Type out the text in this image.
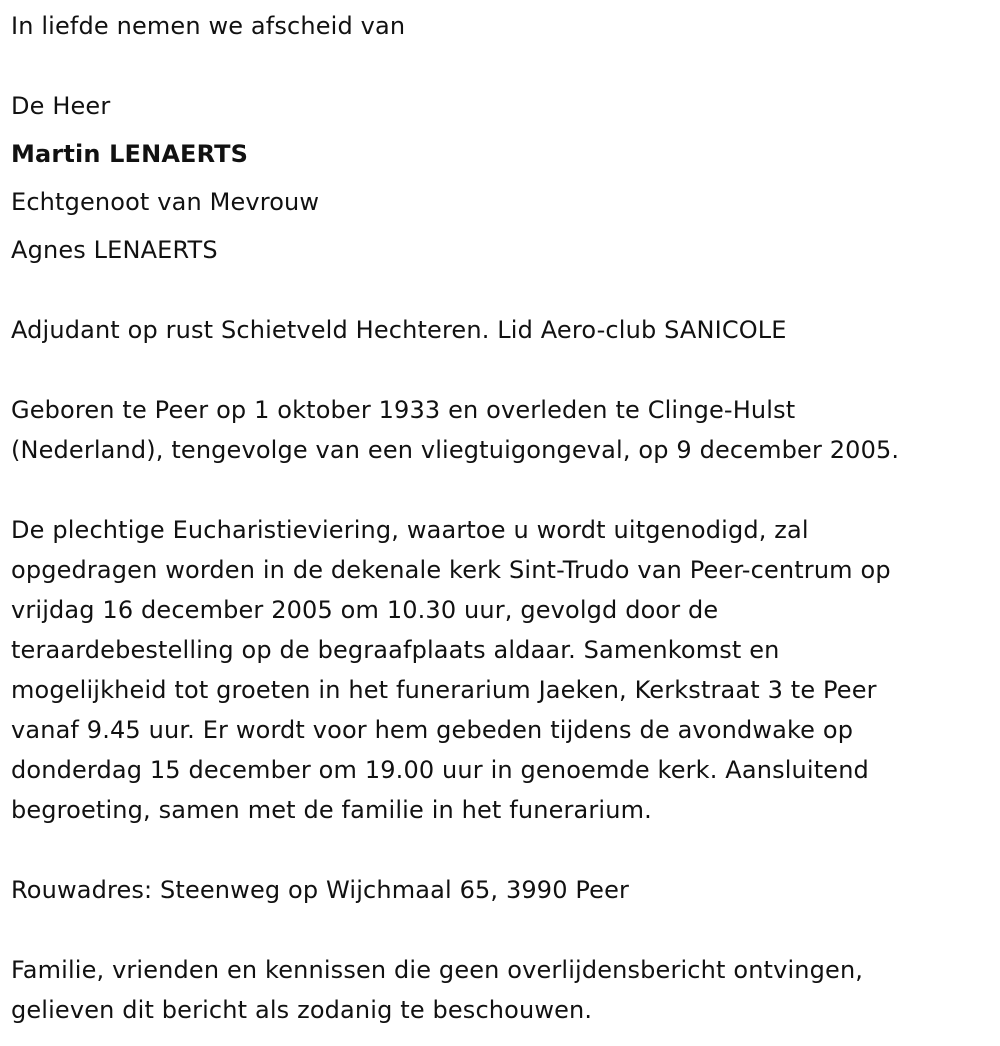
In liefde nemen we afscheid van
De Heer
Martin LENAERTS
Echtgenoot van Mevrouw
Agnes LENAERTS
Adjudant op rust Schietveld Hechteren. Lid Aero-club SANICOLE
Geboren te Peer op 1 oktober 1933 en overleden te Clinge-Hulst
(Nederland), tengevolge van een vliegtuigongeval, op 9 december 2005.
De plechtige Eucharistieviering, waartoe u wordt uitgenodigd, zal
opgedragen worden in de dekenale kerk Sint-Trudo van Peer-centrum op
vrijdag 16 december 2005 om 10.30 uur, gevolgd door de
teraardebestelling op de begraafplaats aldaar. Samenkomst en
mogelijkheid tot groeten in het funerarium Jaeken, Kerkstraat 3 te Peer
vanaf 9.45 uur. Er wordt voor hem gebeden tijdens de avondwake op
donderdag 15 december om 19.00 uur in genoemde kerk. Aansluitend
begroeting, samen met de familie in het funerarium.
Rouwadres: Steenweg op Wijchmaal 65, 3990 Peer
Familie, vrienden en kennissen die geen overlijdensbericht ontvingen,
gelieven dit bericht als zodanig te beschouwen.
